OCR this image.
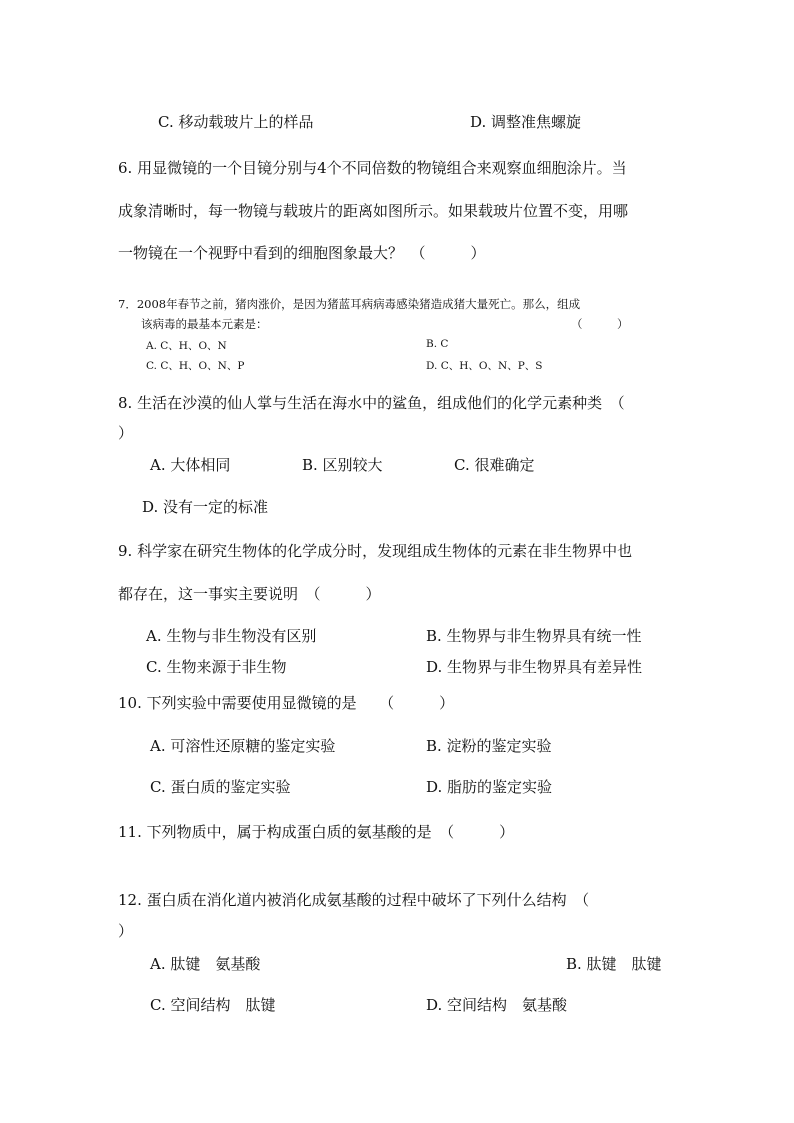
C. 移动载玻片上的样品	D. 调整准焦螺旋
6. 用显微镜的一个目镜分别与4个不同倍数的物镜组合来观察血细胞涂片。当
成象清晰时，每一物镜与载玻片的距离如图所示。如果载玻片位置不变，用哪
一物镜在一个视野中看到的细胞图象最大？　（　　　）
7．2008年春节之前，猪肉涨价，是因为猪蓝耳病病毒感染猪造成猪大量死亡。那么，组成
该病毒的最基本元素是：	（　　　）
A. C、H、O、N	B. C
C. C、H、O、N、P	D. C、H、O、N、P、S
8. 生活在沙漠的仙人掌与生活在海水中的鲨鱼，组成他们的化学元素种类　（
）
A. 大体相同	B. 区别较大	C. 很难确定
D. 没有一定的标准
9. 科学家在研究生物体的化学成分时，发现组成生物体的元素在非生物界中也
都存在，这一事实主要说明　（　　　）
A. 生物与非生物没有区别	B. 生物界与非生物界具有统一性
C. 生物来源于非生物	D. 生物界与非生物界具有差异性
10. 下列实验中需要使用显微镜的是　　（　　　）
A. 可溶性还原糖的鉴定实验	B. 淀粉的鉴定实验
C. 蛋白质的鉴定实验	D. 脂肪的鉴定实验
11. 下列物质中，属于构成蛋白质的氨基酸的是　（　　　）
12. 蛋白质在消化道内被消化成氨基酸的过程中破坏了下列什么结构　（
）
A. 肽键　氨基酸	B. 肽键　肽键
C. 空间结构　肽键	D. 空间结构　氨基酸
